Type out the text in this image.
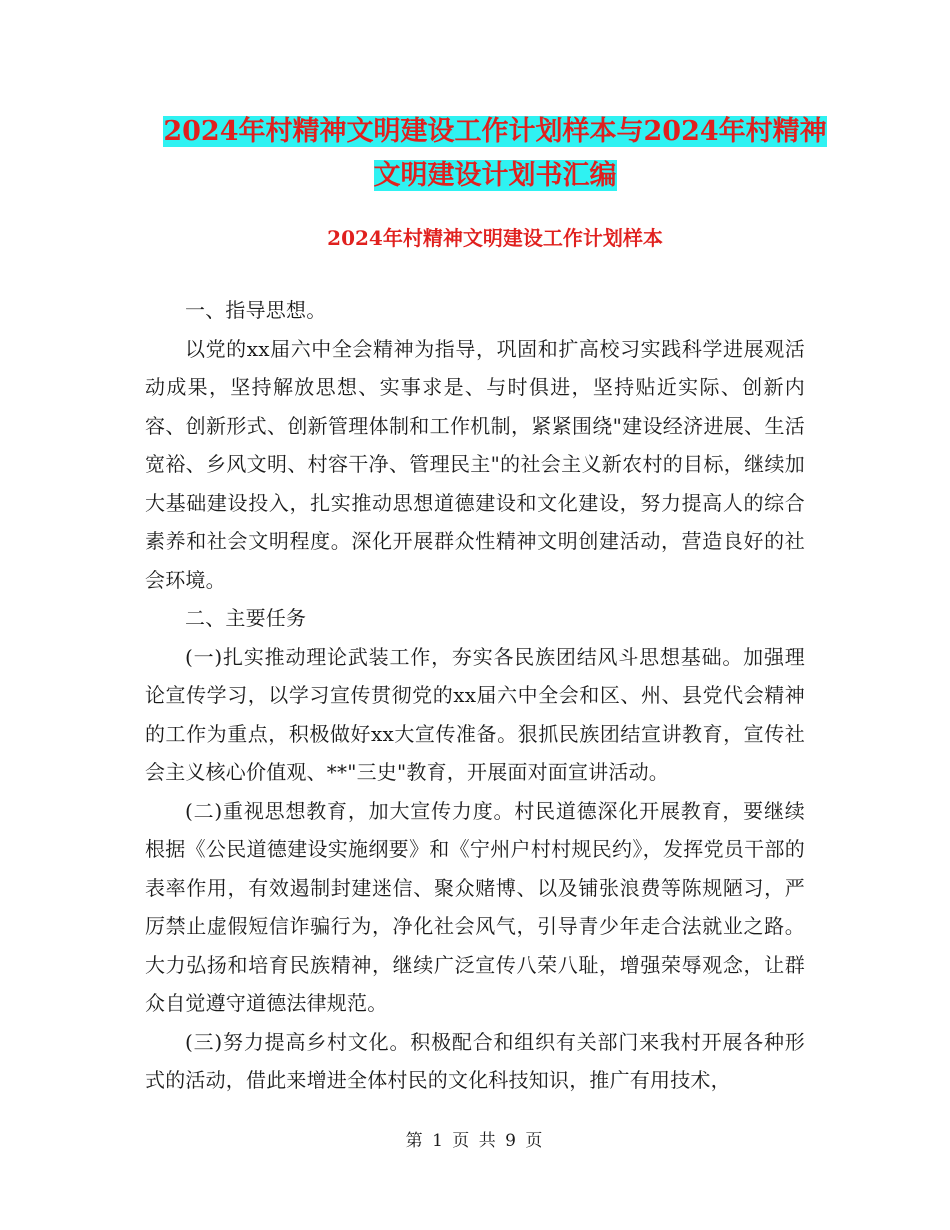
2024年村精神文明建设工作计划样本与2024年村精神
文明建设计划书汇编
2024年村精神文明建设工作计划样本

一、指导思想。

以党的xx届六中全会精神为指导，巩固和扩高校习实践科学进展观活动成果，坚持解放思想、实事求是、与时俱进，坚持贴近实际、创新内容、创新形式、创新管理体制和工作机制，紧紧围绕"建设经济进展、生活宽裕、乡风文明、村容干净、管理民主"的社会主义新农村的目标，继续加大基础建设投入，扎实推动思想道德建设和文化建设，努力提高人的综合素养和社会文明程度。深化开展群众性精神文明创建活动，营造良好的社会环境。

二、主要任务

(一)扎实推动理论武装工作，夯实各民族团结风斗思想基础。加强理论宣传学习，以学习宣传贯彻党的xx届六中全会和区、州、县党代会精神的工作为重点，积极做好xx大宣传准备。狠抓民族团结宣讲教育，宣传社会主义核心价值观、**"三史"教育，开展面对面宣讲活动。

(二)重视思想教育，加大宣传力度。村民道德深化开展教育，要继续根据《公民道德建设实施纲要》和《宁州户村村规民约》，发挥党员干部的表率作用，有效遏制封建迷信、聚众赌博、以及铺张浪费等陈规陋习，严厉禁止虚假短信诈骗行为，净化社会风气，引导青少年走合法就业之路。大力弘扬和培育民族精神，继续广泛宣传八荣八耻，增强荣辱观念，让群众自觉遵守道德法律规范。

(三)努力提高乡村文化。积极配合和组织有关部门来我村开展各种形式的活动，借此来增进全体村民的文化科技知识，推广有用技术，

第 1 页 共 9 页
